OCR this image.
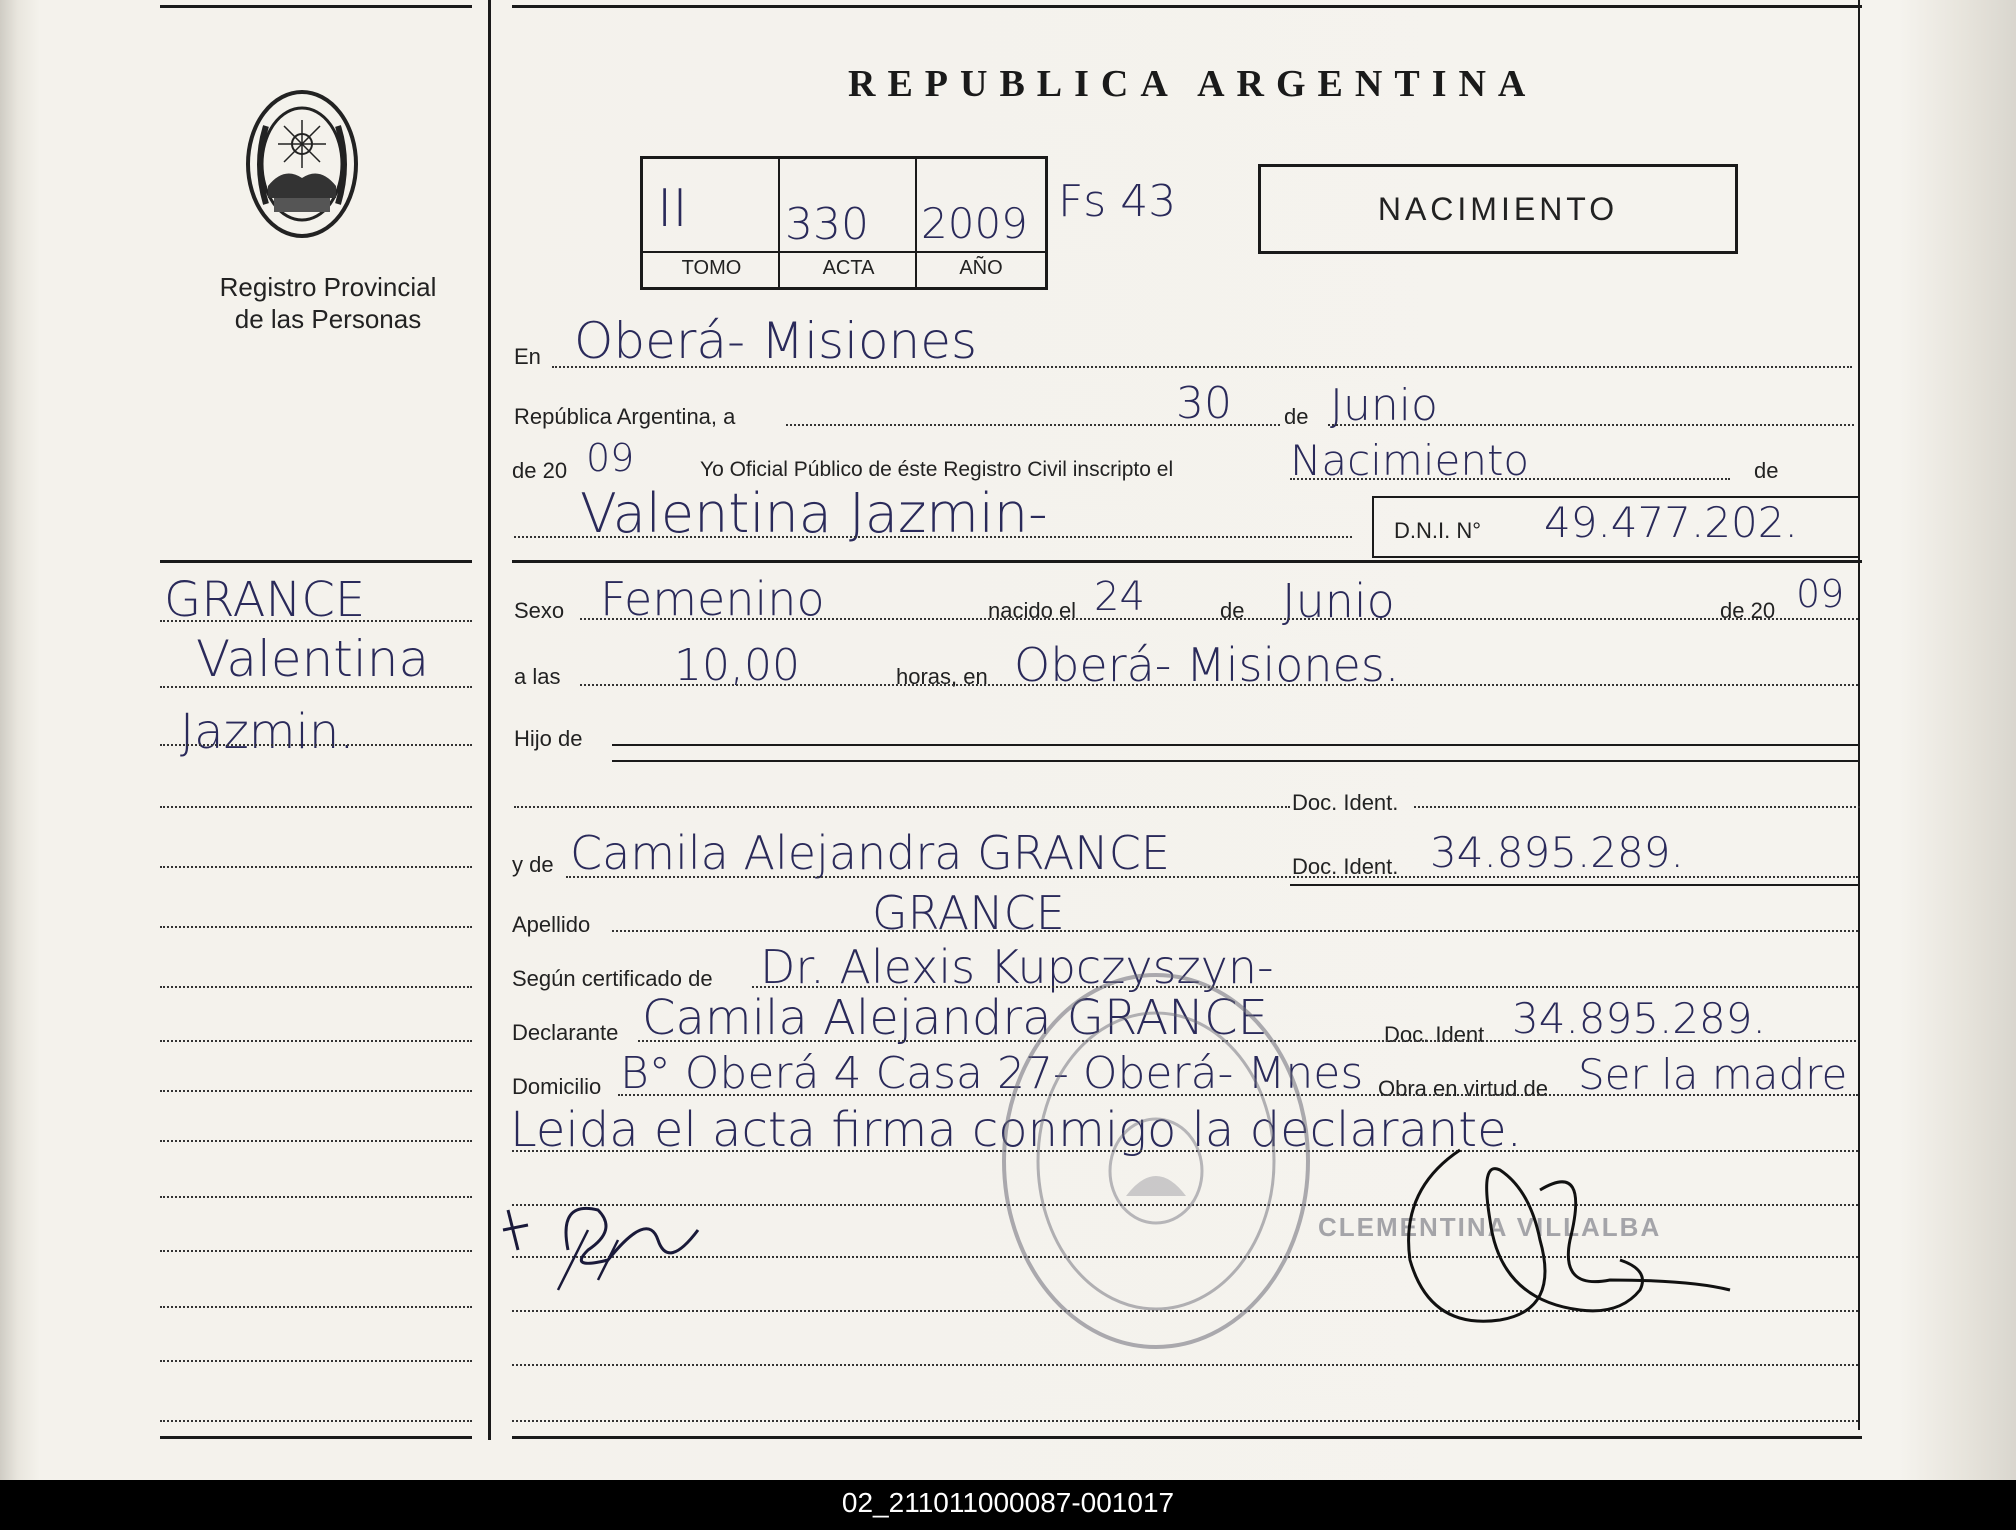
Registro Provincial
de las Personas
REPUBLICA ARGENTINA
II 330 2009
TOMO	ACTA	AÑO
Fs 43	NACIMIENTO
GRANCE
Valentina
Jazmin.
En Oberá- Misiones
República Argentina, a	30 de Junio
de 20 09	Yo Oficial Público de éste Registro Civil inscripto el	Nacimiento	de
Valentina Jazmin-	D.N.I. N° 49.477.202.
Sexo Femenino	nacido el 24	de Junio	de 20 09
a las	10,00	horas, en Oberá- Misiones.
Hijo de
Doc. Ident.
y de Camila Alejandra GRANCE	Doc. Ident. 34.895.289.
Apellido	GRANCE
Según certificado de Dr. Alexis Kupczyszyn-
Declarante Camila Alejandra GRANCE	Doc. Ident 34.895.289.
Domicilio B° Oberá 4 Casa 27- Oberá- Mnes Obra en virtud de Ser la madre
Leida el acta firma conmigo la declarante.
CLEMENTINA VILLALBA
02_211011000087-001017
